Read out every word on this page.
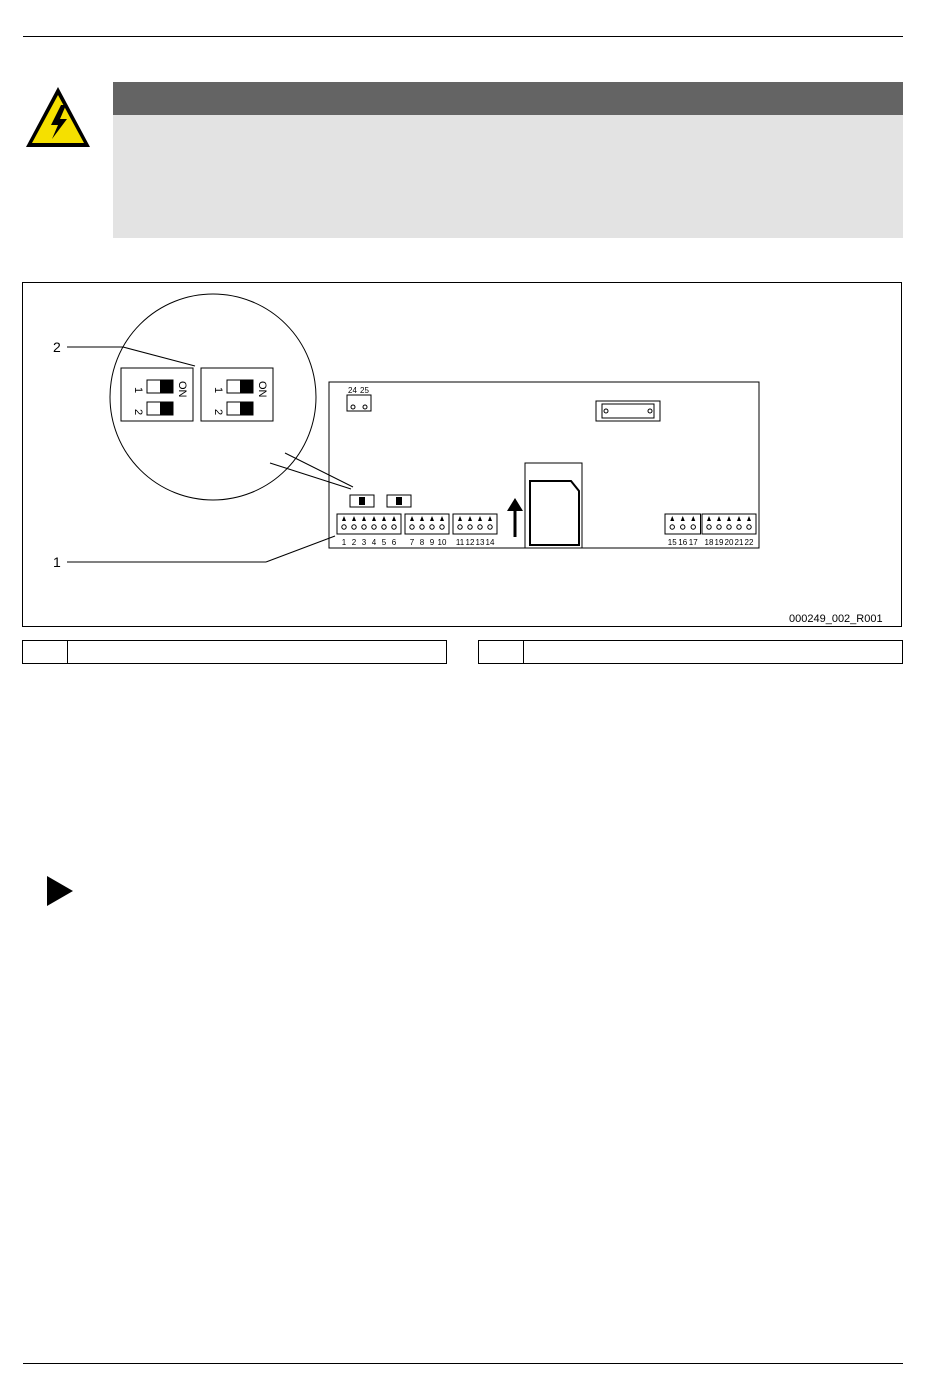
1
2
ON 1
2
ON
2
1
24 25
1 2 3 4 5 6 7 8 9 10 11 12 13 14	15 16 17 18 19 20 21 22
000249_002_R001
